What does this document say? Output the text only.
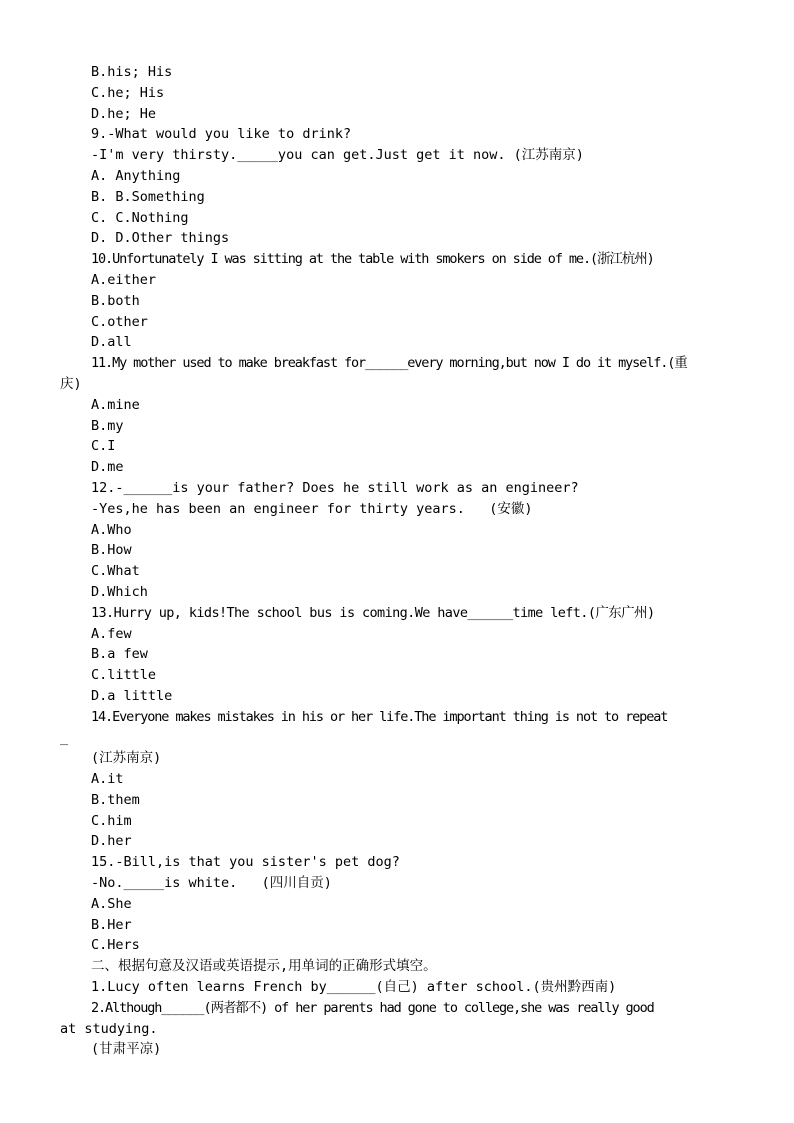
B.his; His
C.he; His
D.he; He
9.-What would you like to drink?
-I'm very thirsty._____you can get.Just get it now. (江苏南京)
A. Anything
B. B.Something
C. C.Nothing
D. D.Other things
10.Unfortunately I was sitting at the table with smokers on side of me.(浙江杭州)
A.either
B.both
C.other
D.all
11.My mother used to make breakfast for______every morning,but now I do it myself.(重
庆)
A.mine
B.my
C.I
D.me
12.-______is your father? Does he still work as an engineer?
-Yes,he has been an engineer for thirty years.   (安徽)
A.Who
B.How
C.What
D.Which
13.Hurry up, kids!The school bus is coming.We have______time left.(广东广州)
A.few
B.a few
C.little
D.a little
14.Everyone makes mistakes in his or her life.The important thing is not to repeat
_
(江苏南京)
A.it
B.them
C.him
D.her
15.-Bill,is that you sister's pet dog?
-No._____is white.   (四川自贡)
A.She
B.Her
C.Hers
二、根据句意及汉语或英语提示,用单词的正确形式填空。
1.Lucy often learns French by______(自己) after school.(贵州黔西南)
2.Although______(两者都不) of her parents had gone to college,she was really good
at studying.
(甘肃平凉)
